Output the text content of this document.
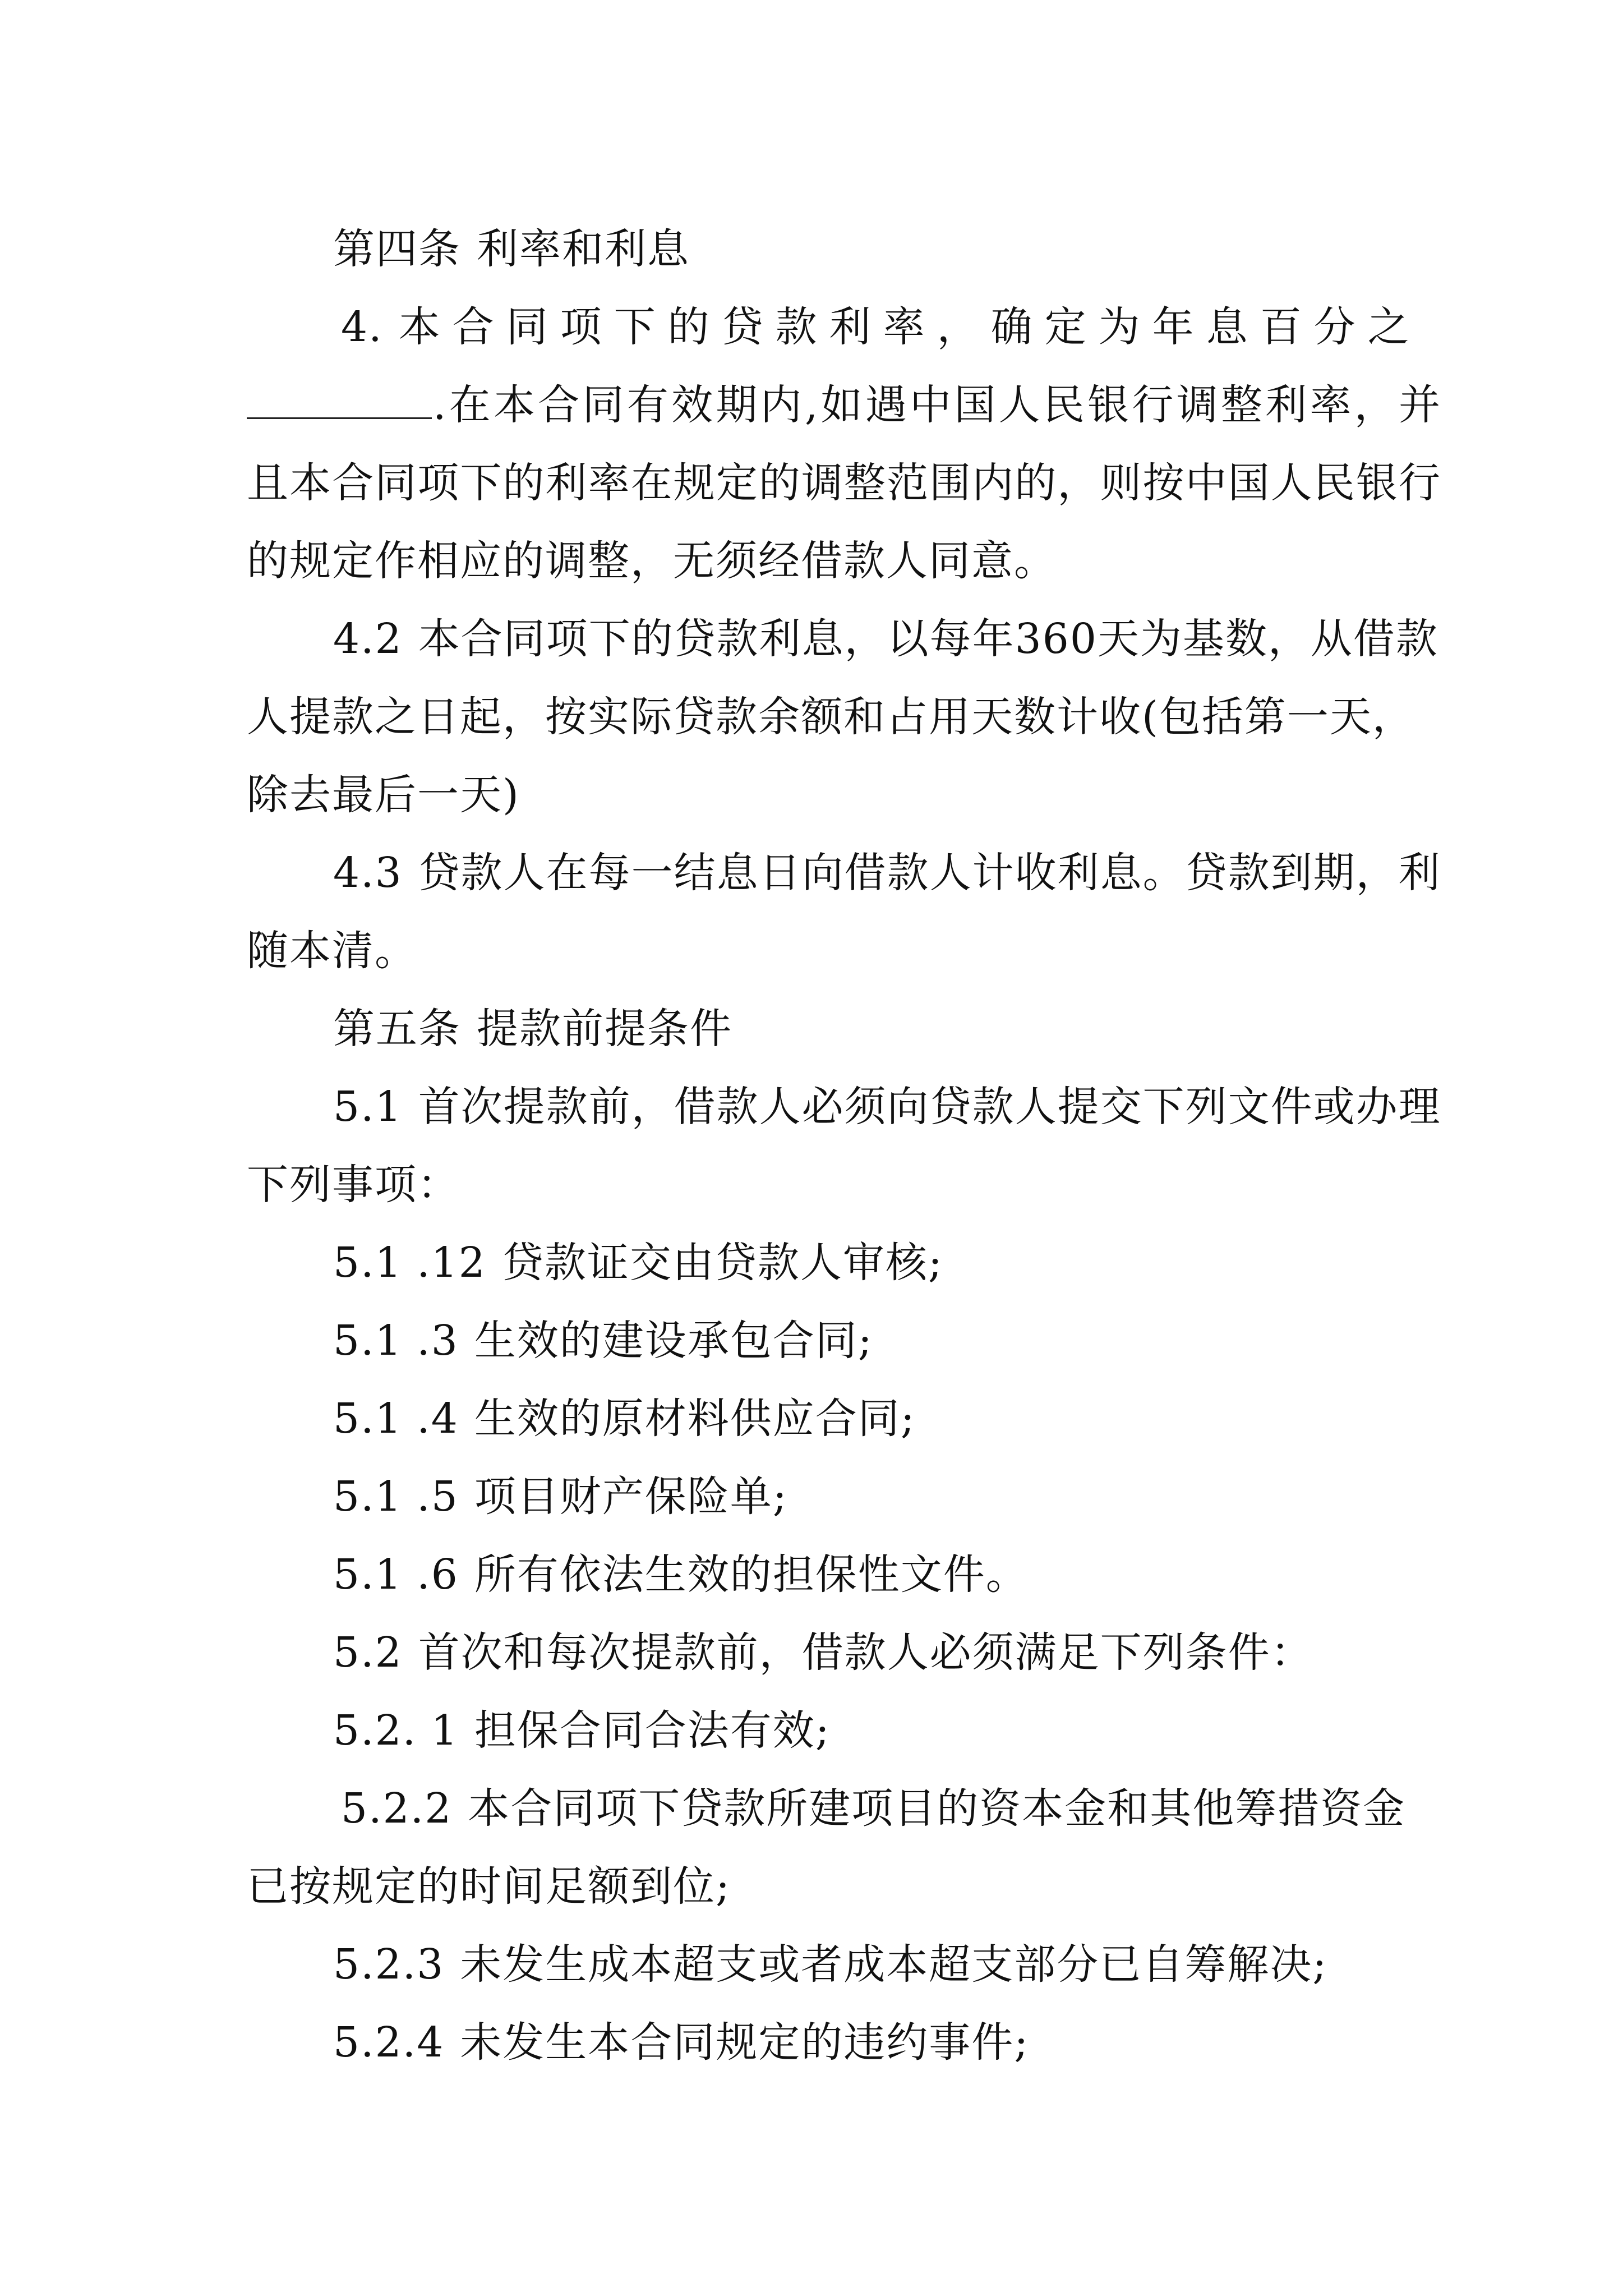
第四条 利率和利息

4. 本合同项下的贷款利率，确定为年息百分之
.在本合同有效期内,如遇中国人民银行调整利率，并且本合同项下的利率在规定的调整范围内的，则按中国人民银行的规定作相应的调整，无须经借款人同意。

4.2 本合同项下的贷款利息，以每年360天为基数，从借款人提款之日起，按实际贷款余额和占用天数计收(包括第一天，除去最后一天)

4.3 贷款人在每一结息日向借款人计收利息。贷款到期，利随本清。

第五条 提款前提条件

5.1 首次提款前，借款人必须向贷款人提交下列文件或办理下列事项：

5.1 .12 贷款证交由贷款人审核;

5.1 .3 生效的建设承包合同;

5.1 .4 生效的原材料供应合同;

5.1 .5 项目财产保险单;

5.1 .6 所有依法生效的担保性文件。

5.2 首次和每次提款前，借款人必须满足下列条件：

5.2. 1 担保合同合法有效;

5.2.2 本合同项下贷款所建项目的资本金和其他筹措资金已按规定的时间足额到位;

5.2.3 未发生成本超支或者成本超支部分已自筹解决;

5.2.4 未发生本合同规定的违约事件;
